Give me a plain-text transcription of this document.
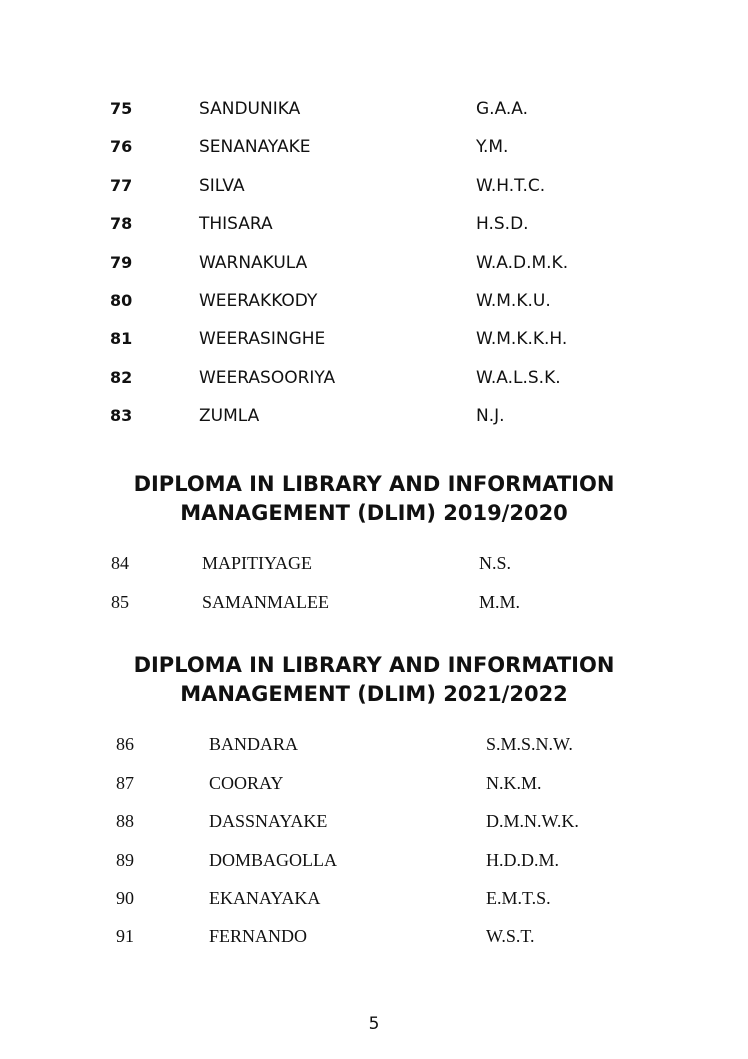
75	SANDUNIKA	G.A.A.
76	SENANAYAKE	Y.M.
77	SILVA	W.H.T.C.
78	THISARA	H.S.D.
79	WARNAKULA	W.A.D.M.K.
80	WEERAKKODY	W.M.K.U.
81	WEERASINGHE	W.M.K.K.H.
82	WEERASOORIYA	W.A.L.S.K.
83	ZUMLA	N.J.
DIPLOMA IN LIBRARY AND INFORMATION
MANAGEMENT (DLIM) 2019/2020
84	MAPITIYAGE	N.S.
85	SAMANMALEE	M.M.
DIPLOMA IN LIBRARY AND INFORMATION
MANAGEMENT (DLIM) 2021/2022
86	BANDARA	S.M.S.N.W.
87	COORAY	N.K.M.
88	DASSNAYAKE	D.M.N.W.K.
89	DOMBAGOLLA	H.D.D.M.
90	EKANAYAKA	E.M.T.S.
91	FERNANDO	W.S.T.
5
